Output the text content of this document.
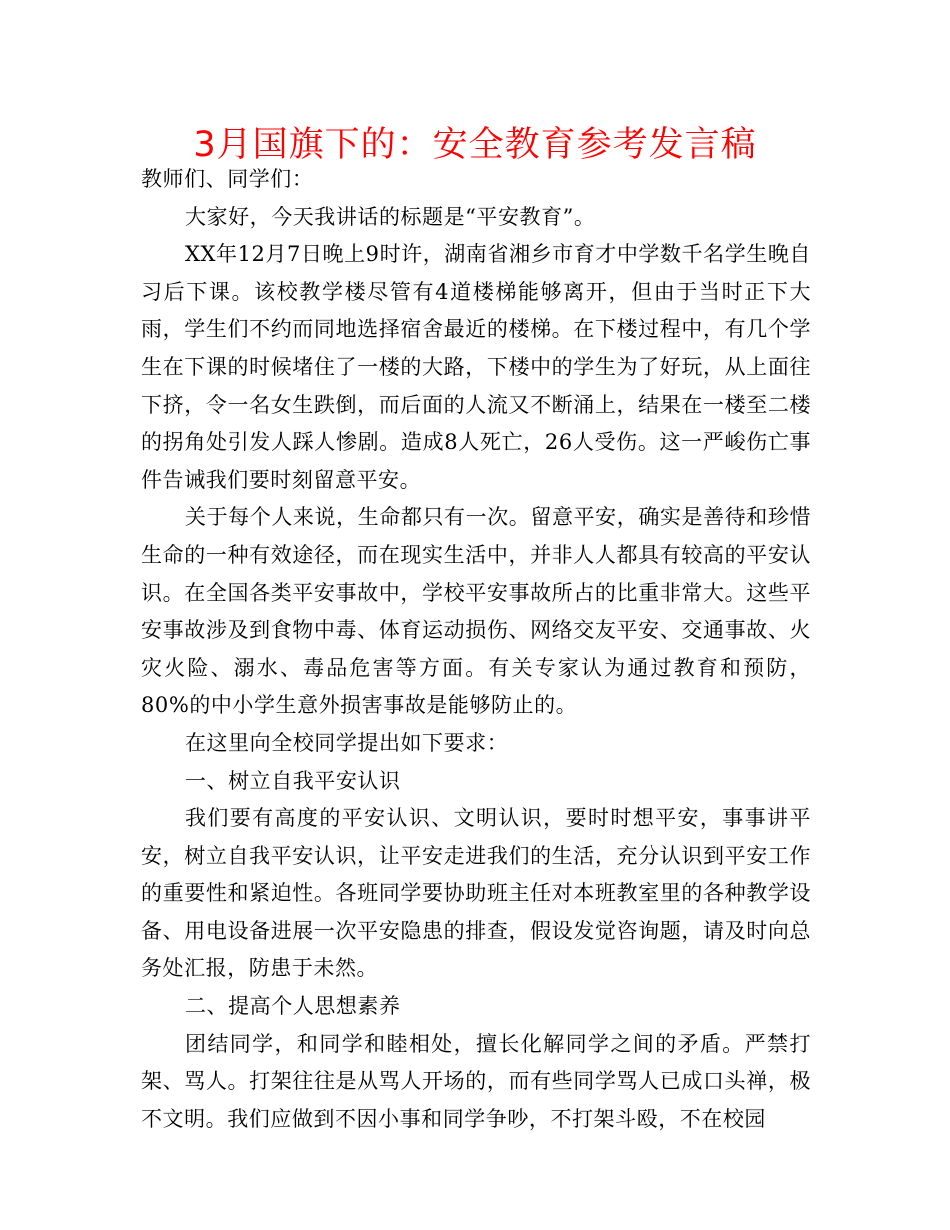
3月国旗下的：安全教育参考发言稿

教师们、同学们：

大家好，今天我讲话的标题是“平安教育”。

XX年12月7日晚上9时许，湖南省湘乡市育才中学数千名学生晚自习后下课。该校教学楼尽管有4道楼梯能够离开，但由于当时正下大雨，学生们不约而同地选择宿舍最近的楼梯。在下楼过程中，有几个学生在下课的时候堵住了一楼的大路，下楼中的学生为了好玩，从上面往下挤，令一名女生跌倒，而后面的人流又不断涌上，结果在一楼至二楼的拐角处引发人踩人惨剧。造成8人死亡，26人受伤。这一严峻伤亡事件告诫我们要时刻留意平安。

关于每个人来说，生命都只有一次。留意平安，确实是善待和珍惜生命的一种有效途径，而在现实生活中，并非人人都具有较高的平安认识。在全国各类平安事故中，学校平安事故所占的比重非常大。这些平安事故涉及到食物中毒、体育运动损伤、网络交友平安、交通事故、火灾火险、溺水、毒品危害等方面。有关专家认为通过教育和预防，80%的中小学生意外损害事故是能够防止的。

在这里向全校同学提出如下要求：

一、树立自我平安认识

我们要有高度的平安认识、文明认识，要时时想平安，事事讲平安，树立自我平安认识，让平安走进我们的生活，充分认识到平安工作的重要性和紧迫性。各班同学要协助班主任对本班教室里的各种教学设备、用电设备进展一次平安隐患的排查，假设发觉咨询题，请及时向总务处汇报，防患于未然。

二、提高个人思想素养

团结同学，和同学和睦相处，擅长化解同学之间的矛盾。严禁打架、骂人。打架往往是从骂人开场的，而有些同学骂人已成口头禅，极不文明。我们应做到不因小事和同学争吵，不打架斗殴，不在校园
